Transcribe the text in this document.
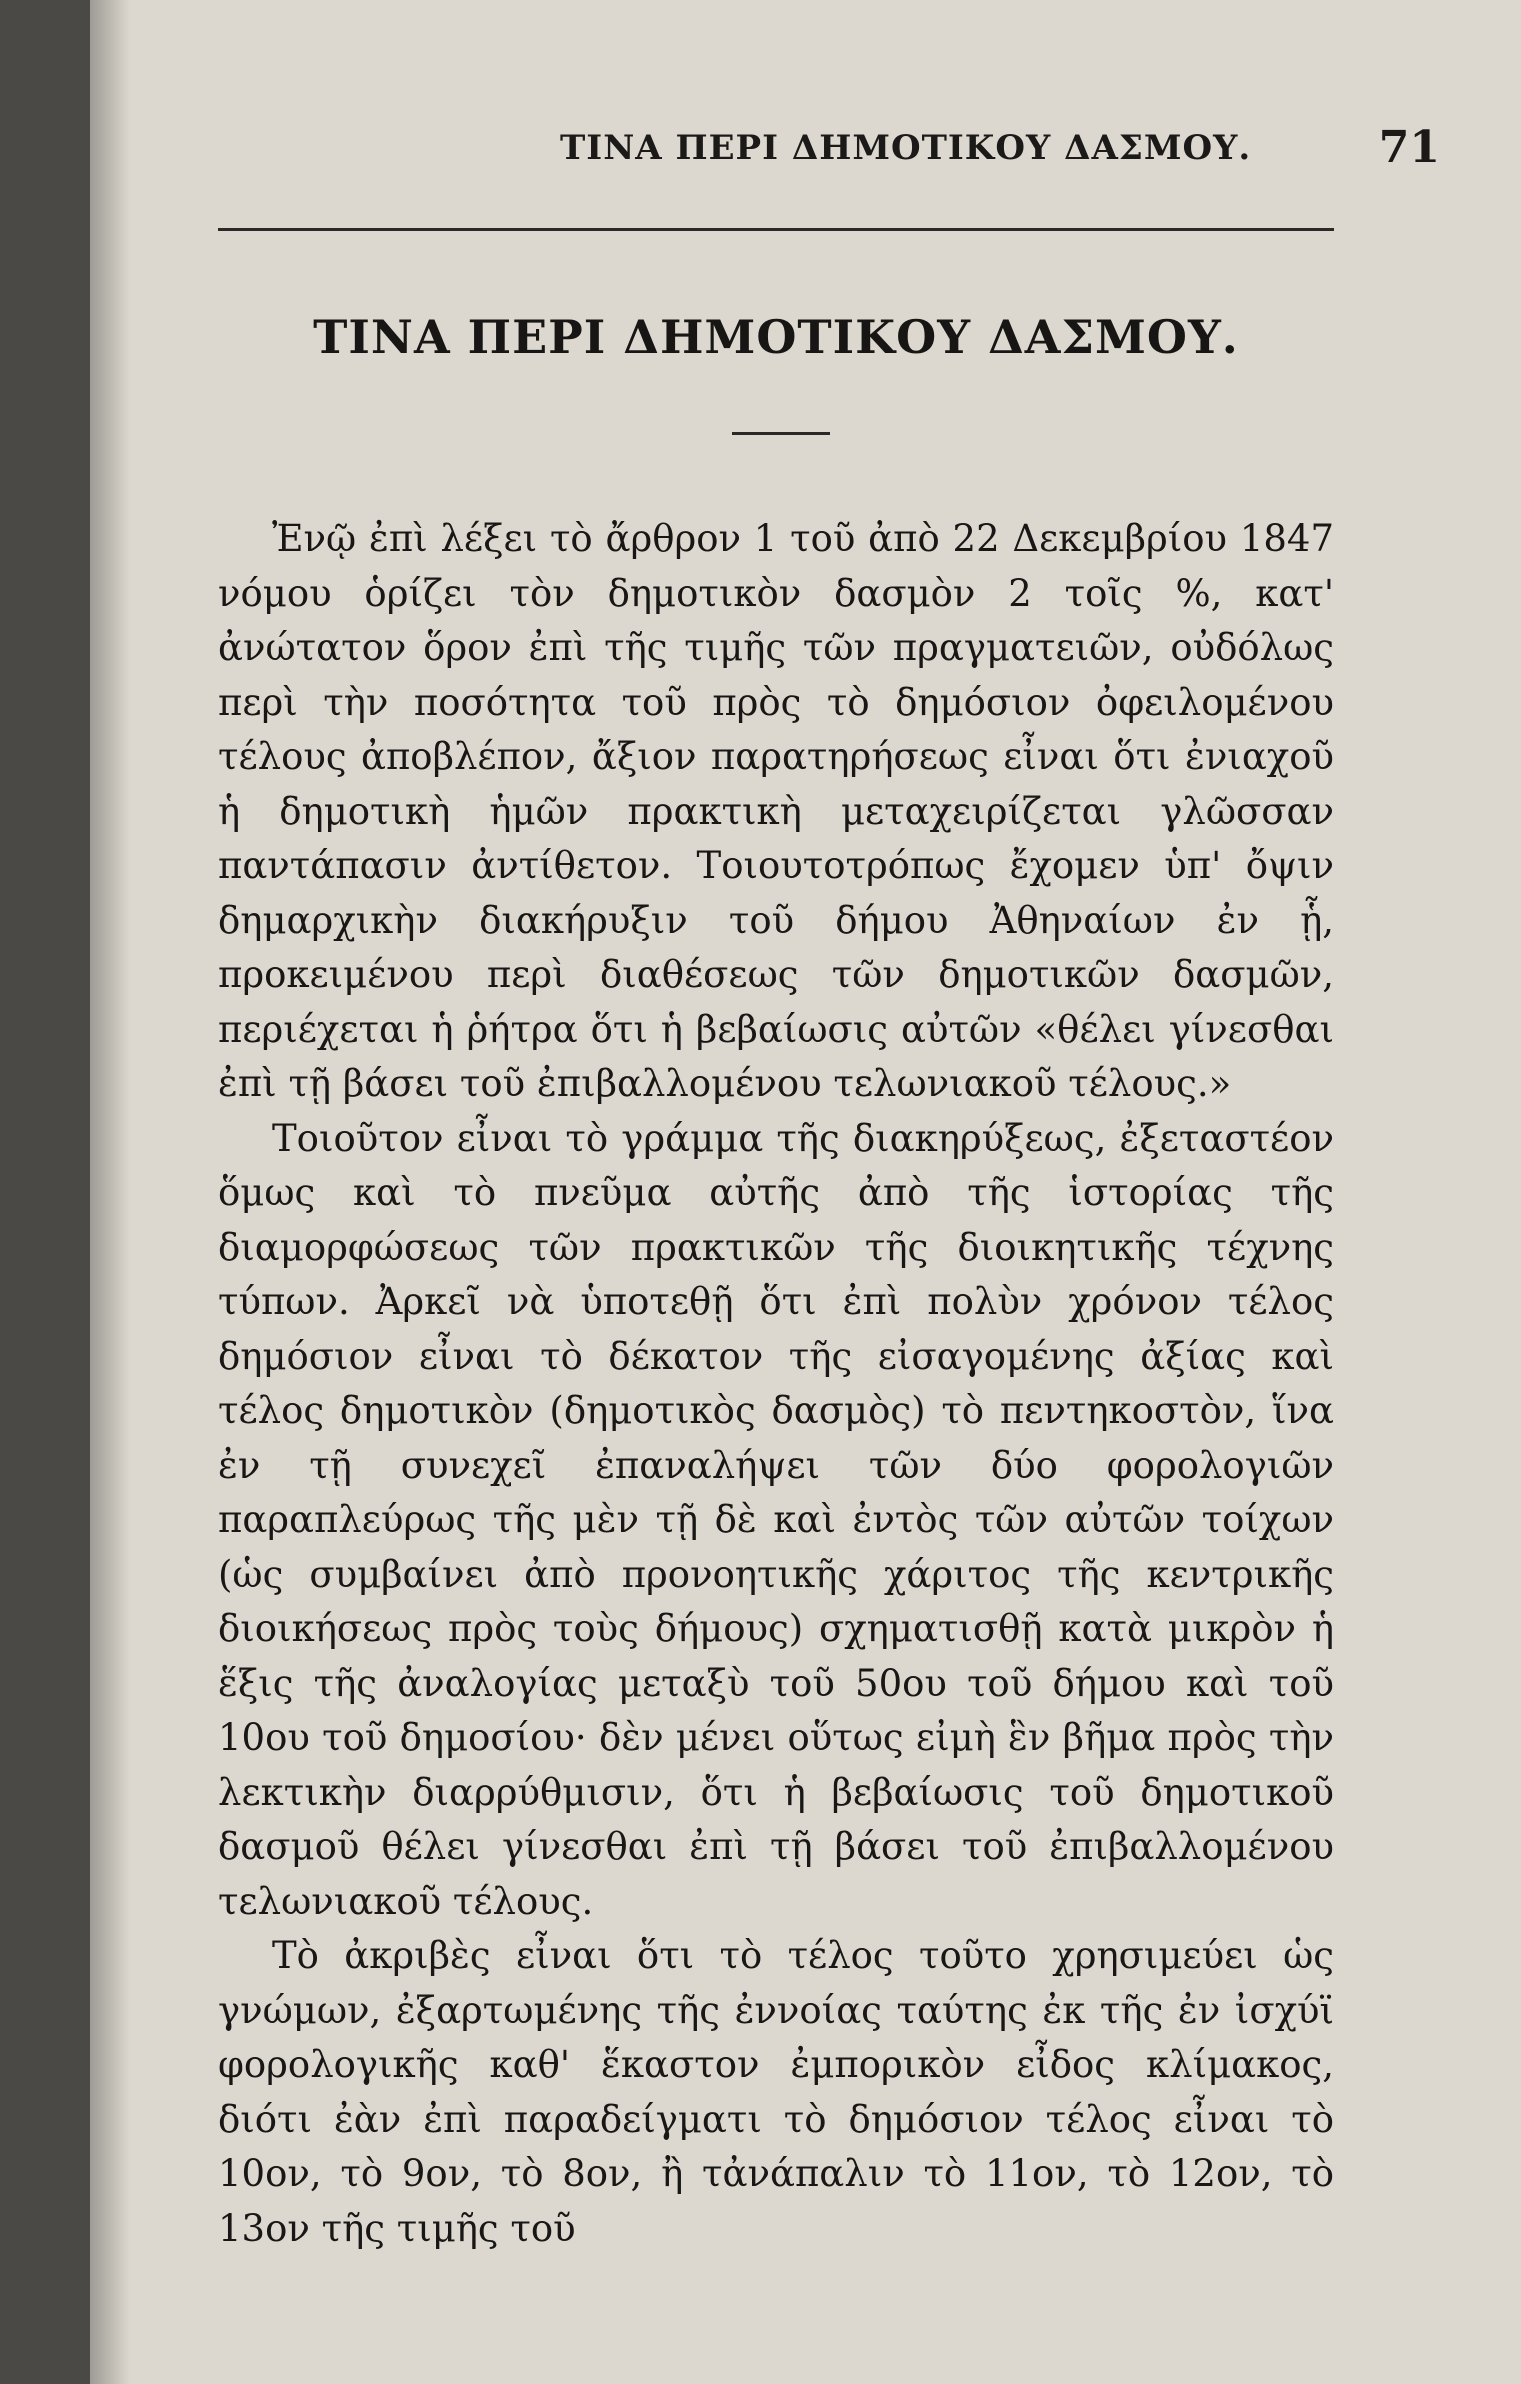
ΤΙΝΑ ΠΕΡΙ ΔΗΜΟΤΙΚΟΥ ΔΑΣΜΟΥ.	71
ΤΙΝΑ ΠΕΡΙ ΔΗΜΟΤΙΚΟΥ ΔΑΣΜΟΥ.

Ἐνῷ ἐπὶ λέξει τὸ ἄρθρον 1 τοῦ ἀπὸ 22 Δεκεμβρίου 1847 νόμου ὁρίζει τὸν δημοτικὸν δασμὸν 2 τοῖς %, κατ' ἀνώτατον ὅρον ἐπὶ τῆς τιμῆς τῶν πραγματειῶν, οὐδόλως περὶ τὴν ποσότητα τοῦ πρὸς τὸ δημόσιον ὀφειλομένου τέλους ἀποβλέπον, ἄξιον παρατηρήσεως εἶναι ὅτι ἐνιαχοῦ ἡ δημοτικὴ ἡμῶν πρακτικὴ μεταχειρίζεται γλῶσσαν παντάπασιν ἀντίθετον. Τοιουτοτρόπως ἔχομεν ὑπ' ὄψιν δημαρχικὴν διακήρυξιν τοῦ δήμου Ἀθηναίων ἐν ᾗ, προκειμένου περὶ διαθέσεως τῶν δημοτικῶν δασμῶν, περιέχεται ἡ ῥήτρα ὅτι ἡ βεβαίωσις αὐτῶν «θέλει γίνεσθαι ἐπὶ τῇ βάσει τοῦ ἐπιβαλλομένου τελωνιακοῦ τέλους.»

Τοιοῦτον εἶναι τὸ γράμμα τῆς διακηρύξεως, ἐξεταστέον ὅμως καὶ τὸ πνεῦμα αὐτῆς ἀπὸ τῆς ἱστορίας τῆς διαμορφώσεως τῶν πρακτικῶν τῆς διοικητικῆς τέχνης τύπων. Ἀρκεῖ νὰ ὑποτεθῇ ὅτι ἐπὶ πολὺν χρόνον τέλος δημόσιον εἶναι τὸ δέκατον τῆς εἰσαγομένης ἀξίας καὶ τέλος δημοτικὸν (δημοτικὸς δασμὸς) τὸ πεντηκοστὸν, ἵνα ἐν τῇ συνεχεῖ ἐπαναλήψει τῶν δύο φορολογιῶν παραπλεύρως τῆς μὲν τῇ δὲ καὶ ἐντὸς τῶν αὐτῶν τοίχων (ὡς συμβαίνει ἀπὸ προνοητικῆς χάριτος τῆς κεντρικῆς διοικήσεως πρὸς τοὺς δήμους) σχηματισθῇ κατὰ μικρὸν ἡ ἕξις τῆς ἀναλογίας μεταξὺ τοῦ 50ου τοῦ δήμου καὶ τοῦ 10ου τοῦ δημοσίου· δὲν μένει οὕτως εἰμὴ ἓν βῆμα πρὸς τὴν λεκτικὴν διαρρύθμισιν, ὅτι ἡ βεβαίωσις τοῦ δημοτικοῦ δασμοῦ θέλει γίνεσθαι ἐπὶ τῇ βάσει τοῦ ἐπιβαλλομένου τελωνιακοῦ τέλους.

Τὸ ἀκριβὲς εἶναι ὅτι τὸ τέλος τοῦτο χρησιμεύει ὡς γνώμων, ἐξαρτωμένης τῆς ἐννοίας ταύτης ἐκ τῆς ἐν ἰσχύϊ φορολογικῆς καθ' ἕκαστον ἐμπορικὸν εἶδος κλίμακος, διότι ἐὰν ἐπὶ παραδείγματι τὸ δημόσιον τέλος εἶναι τὸ 10ον, τὸ 9ον, τὸ 8ον, ἢ τἀνάπαλιν τὸ 11ον, τὸ 12ον, τὸ 13ον τῆς τιμῆς τοῦ
